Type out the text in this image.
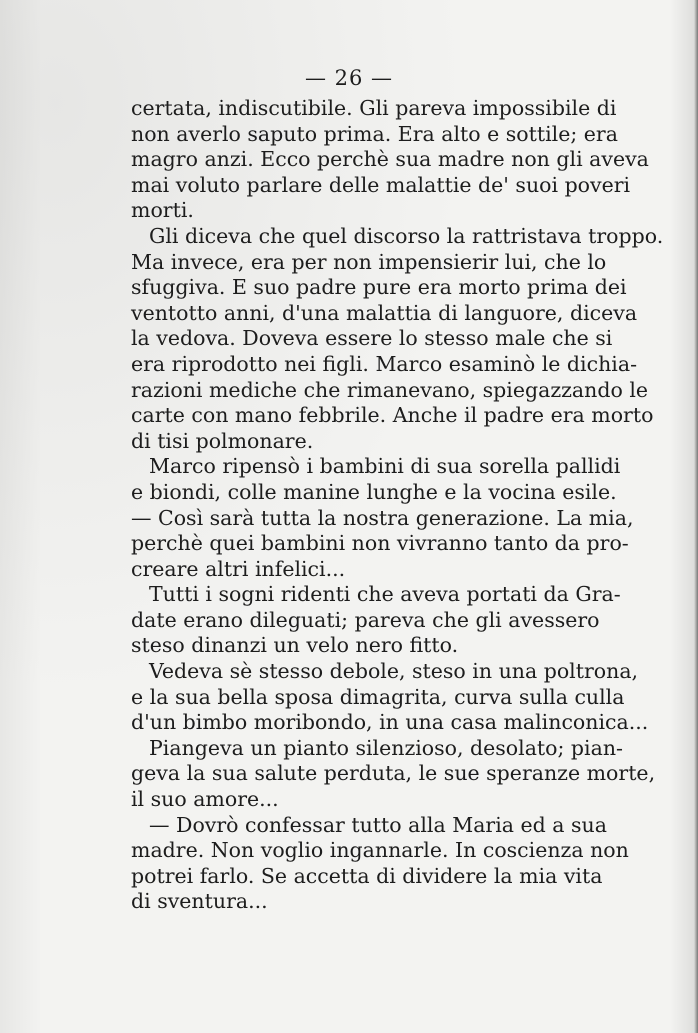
— 26 —
certata, indiscutibile. Gli pareva impossibile di
non averlo saputo prima. Era alto e sottile; era
magro anzi. Ecco perchè sua madre non gli aveva
mai voluto parlare delle malattie de' suoi poveri
morti.
Gli diceva che quel discorso la rattristava troppo.
Ma invece, era per non impensierir lui, che lo
sfuggiva. E suo padre pure era morto prima dei
ventotto anni, d'una malattia di languore, diceva
la vedova. Doveva essere lo stesso male che si
era riprodotto nei figli. Marco esaminò le dichia-
razioni mediche che rimanevano, spiegazzando le
carte con mano febbrile. Anche il padre era morto
di tisi polmonare.
Marco ripensò i bambini di sua sorella pallidi
e biondi, colle manine lunghe e la vocina esile.
— Così sarà tutta la nostra generazione. La mia,
perchè quei bambini non vivranno tanto da pro-
creare altri infelici...
Tutti i sogni ridenti che aveva portati da Gra-
date erano dileguati; pareva che gli avessero
steso dinanzi un velo nero fitto.
Vedeva sè stesso debole, steso in una poltrona,
e la sua bella sposa dimagrita, curva sulla culla
d'un bimbo moribondo, in una casa malinconica...
Piangeva un pianto silenzioso, desolato; pian-
geva la sua salute perduta, le sue speranze morte,
il suo amore...
— Dovrò confessar tutto alla Maria ed a sua
madre. Non voglio ingannarle. In coscienza non
potrei farlo. Se accetta di dividere la mia vita
di sventura...
